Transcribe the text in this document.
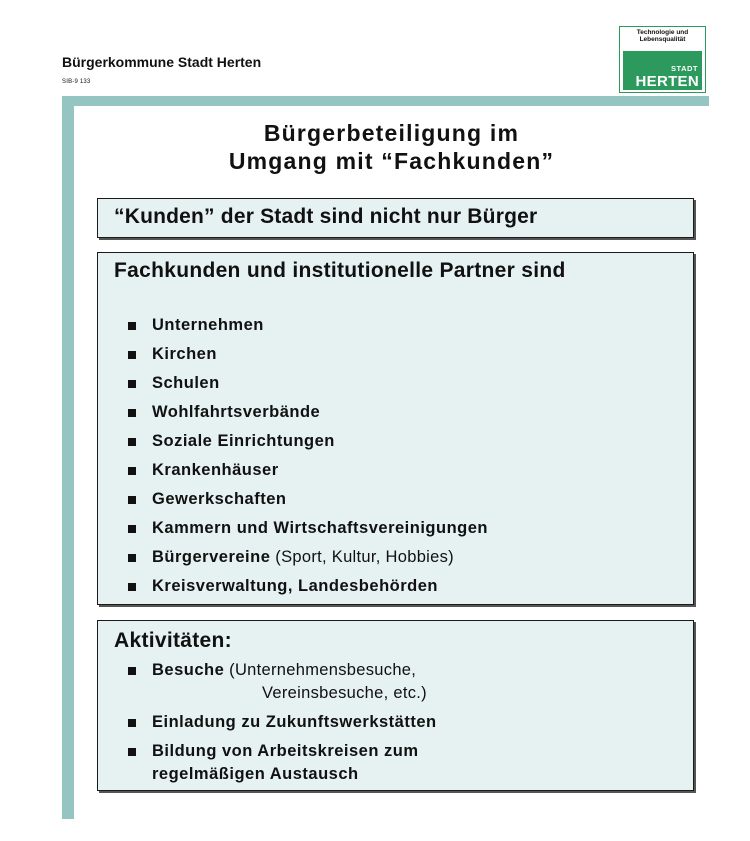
Bürgerkommune Stadt Herten
SIB-9 133
Technologie und
Lebensqualität
STADT
HERTEN
Bürgerbeteiligung im
Umgang mit “Fachkunden”
“Kunden” der Stadt sind nicht nur Bürger
Fachkunden und institutionelle Partner sind
Unternehmen
Kirchen
Schulen
Wohlfahrtsverbände
Soziale Einrichtungen
Krankenhäuser
Gewerkschaften
Kammern und Wirtschaftsvereinigungen
Bürgervereine (Sport, Kultur, Hobbies)
Kreisverwaltung, Landesbehörden
Aktivitäten:
Besuche (Unternehmensbesuche,
Vereinsbesuche, etc.)
Einladung zu Zukunftswerkstätten
Bildung von Arbeitskreisen zum
regelmäßigen Austausch
